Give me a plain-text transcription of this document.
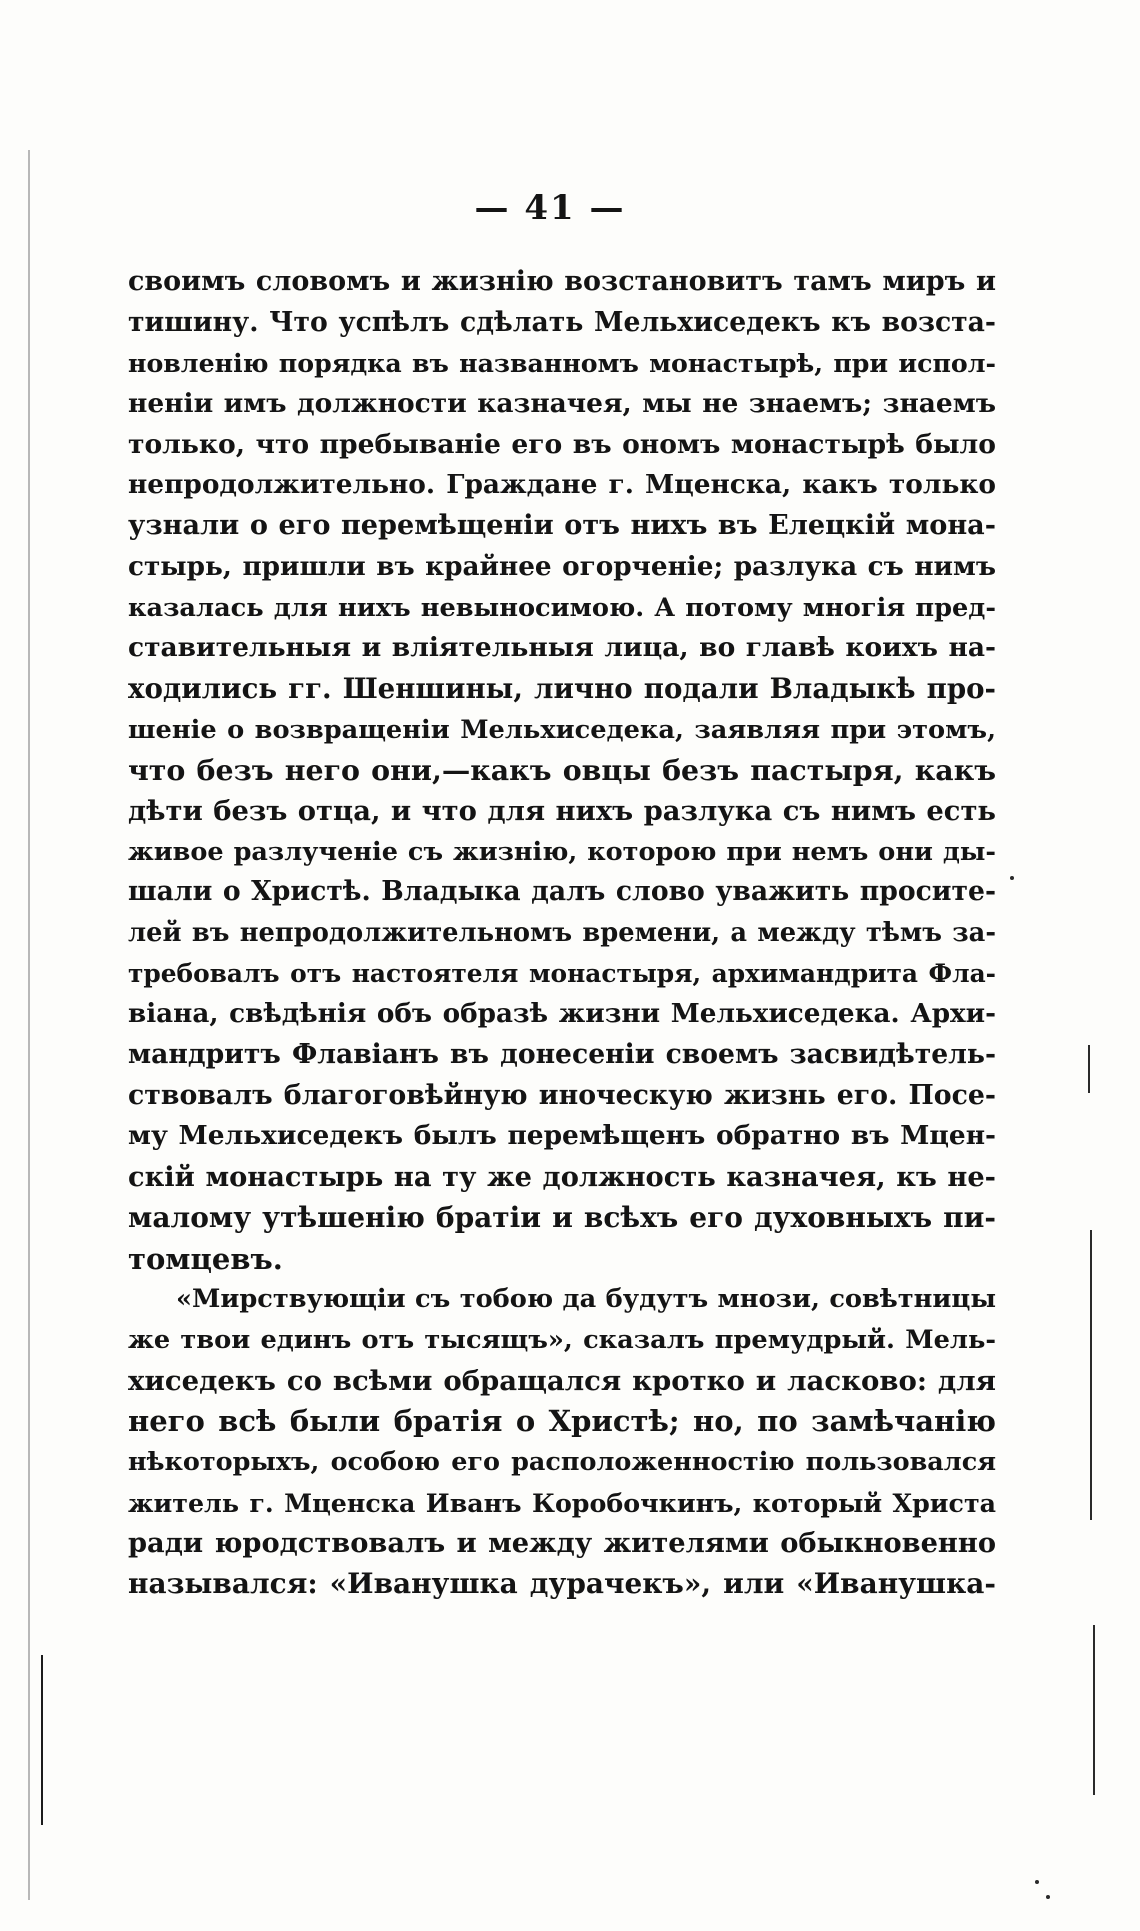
— 41 —
своимъ словомъ и жизнію возстановитъ тамъ миръ и
тишину. Что успѣлъ сдѣлать Мельхиседекъ къ возста-
новленію порядка въ названномъ монастырѣ, при испол-
неніи имъ должности казначея, мы не знаемъ; знаемъ
только, что пребываніе его въ ономъ монастырѣ было
непродолжительно. Граждане г. Мценска, какъ только
узнали о его перемѣщеніи отъ нихъ въ Елецкій мона-
стырь, пришли въ крайнее огорченіе; разлука съ нимъ
казалась для нихъ невыносимою. А потому многія пред-
ставительныя и вліятельныя лица, во главѣ коихъ на-
ходились гг. Шеншины, лично подали Владыкѣ про-
шеніе о возвращеніи Мельхиседека, заявляя при этомъ,
что безъ него они,—какъ овцы безъ пастыря, какъ
дѣти безъ отца, и что для нихъ разлука съ нимъ есть
живое разлученіе съ жизнію, которою при немъ они ды-
шали о Христѣ. Владыка далъ слово уважить просите-
лей въ непродолжительномъ времени, а между тѣмъ за-
требовалъ отъ настоятеля монастыря, архимандрита Фла-
віана, свѣдѣнія объ образѣ жизни Мельхиседека. Архи-
мандритъ Флавіанъ въ донесеніи своемъ засвидѣтель-
ствовалъ благоговѣйную иноческую жизнь его. Посе-
му Мельхиседекъ былъ перемѣщенъ обратно въ Мцен-
скій монастырь на ту же должность казначея, къ не-
малому утѣшенію братіи и всѣхъ его духовныхъ пи-
томцевъ.
«Мирствующіи съ тобою да будутъ мнози, совѣтницы
же твои единъ отъ тысящъ», сказалъ премудрый. Мель-
хиседекъ со всѣми обращался кротко и ласково: для
него всѣ были братія о Христѣ; но, по замѣчанію
нѣкоторыхъ, особою его расположенностію пользовался
житель г. Мценска Иванъ Коробочкинъ, который Христа
ради юродствовалъ и между жителями обыкновенно
назывался: «Иванушка дурачекъ», или «Иванушка-
